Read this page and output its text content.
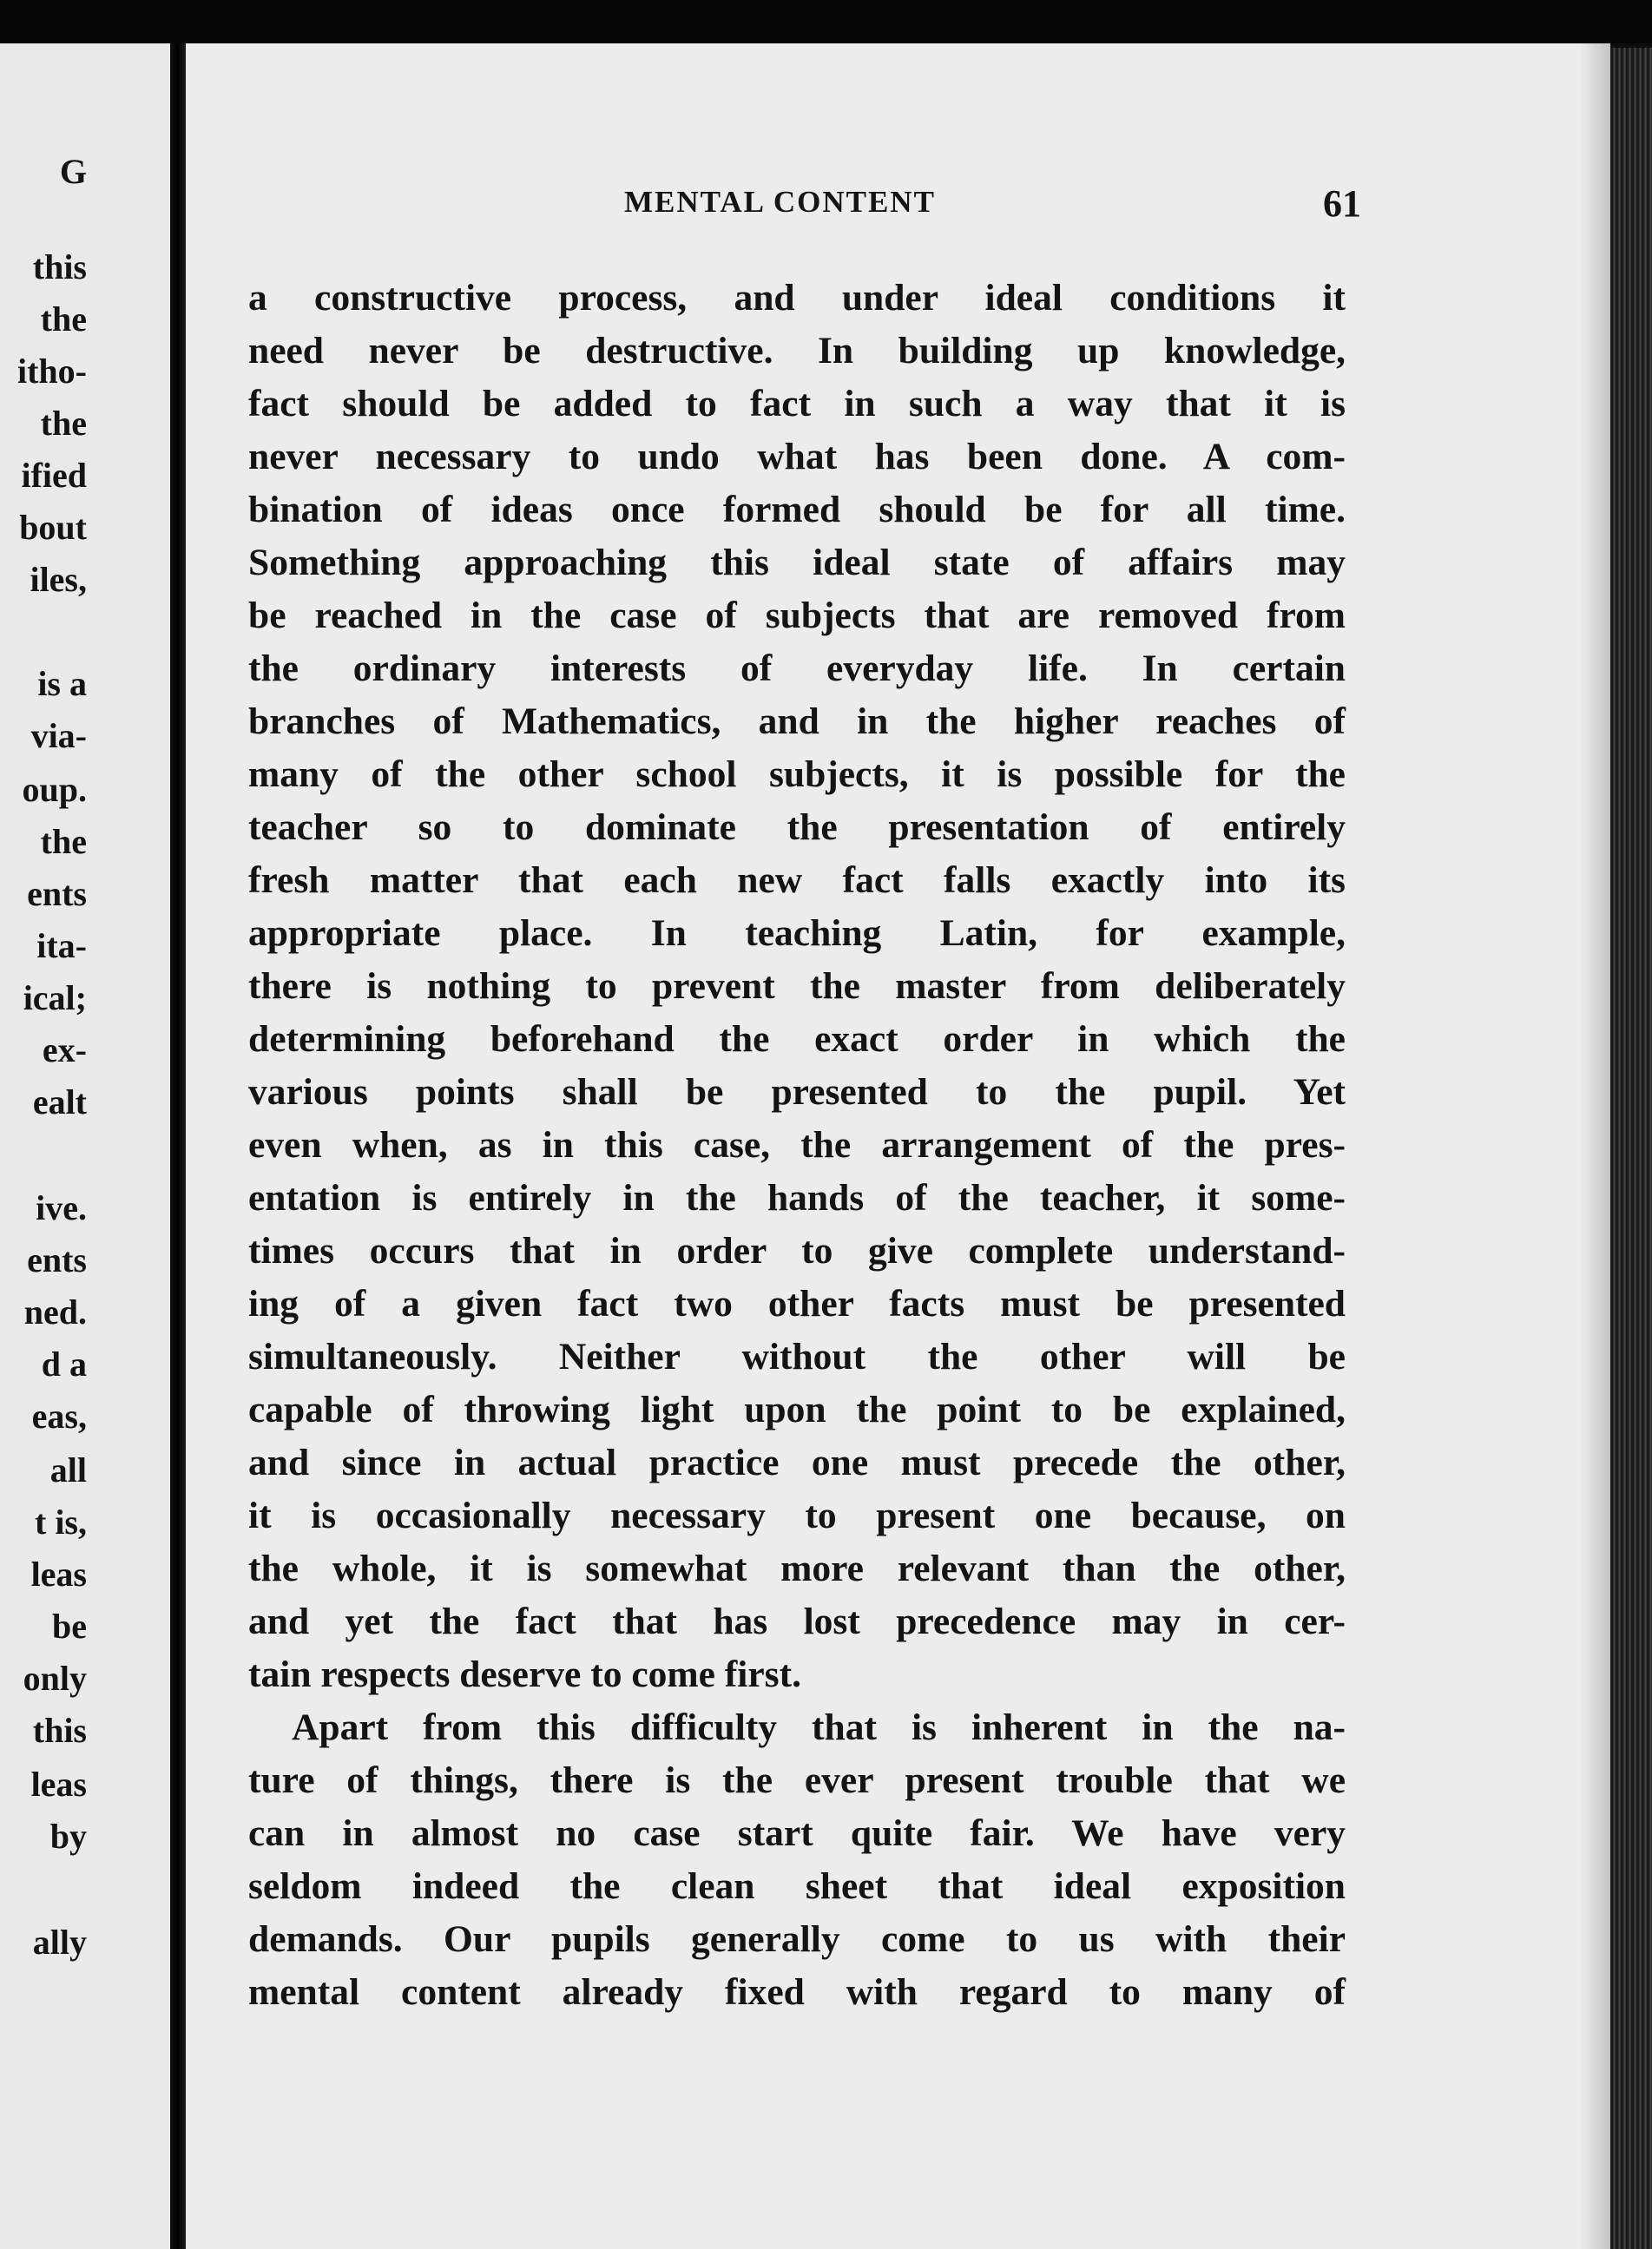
G

this

the

itho-

the

ified

bout

iles,

is a

via-

oup.

the

ents

ita-

ical;

ex-

ealt

ive.

ents

ned.

d a

eas,

all

t is,

leas

be

only

this

leas

by

ally

MENTAL CONTENT	61

a constructive process, and under ideal conditions it

need never be destructive. In building up knowledge,

fact should be added to fact in such a way that it is

never necessary to undo what has been done. A com-

bination of ideas once formed should be for all time.

Something approaching this ideal state of affairs may

be reached in the case of subjects that are removed from

the ordinary interests of everyday life. In certain

branches of Mathematics, and in the higher reaches of

many of the other school subjects, it is possible for the

teacher so to dominate the presentation of entirely

fresh matter that each new fact falls exactly into its

appropriate place. In teaching Latin, for example,

there is nothing to prevent the master from deliberately

determining beforehand the exact order in which the

various points shall be presented to the pupil. Yet

even when, as in this case, the arrangement of the pres-

entation is entirely in the hands of the teacher, it some-

times occurs that in order to give complete understand-

ing of a given fact two other facts must be presented

simultaneously. Neither without the other will be

capable of throwing light upon the point to be explained,

and since in actual practice one must precede the other,

it is occasionally necessary to present one because, on

the whole, it is somewhat more relevant than the other,

and yet the fact that has lost precedence may in cer-

tain respects deserve to come first.

Apart from this difficulty that is inherent in the na-

ture of things, there is the ever present trouble that we

can in almost no case start quite fair. We have very

seldom indeed the clean sheet that ideal exposition

demands. Our pupils generally come to us with their

mental content already fixed with regard to many of
